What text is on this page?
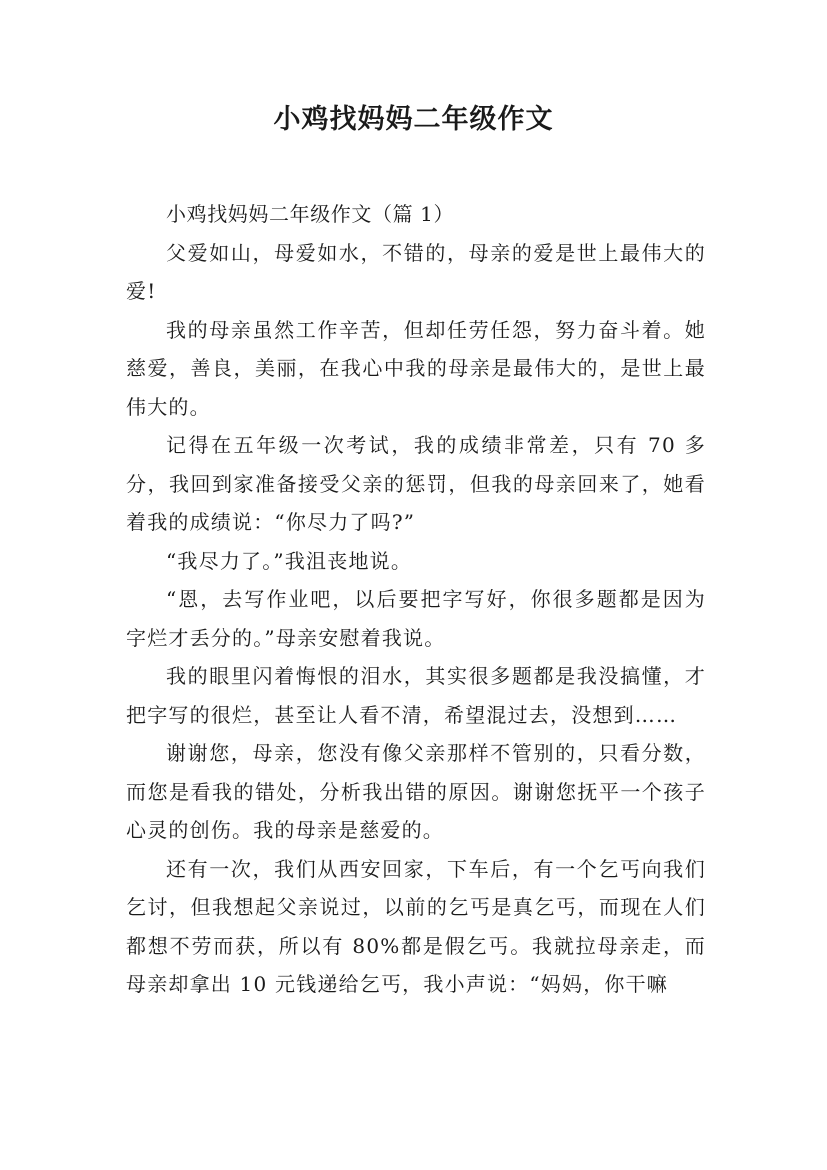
小鸡找妈妈二年级作文

小鸡找妈妈二年级作文（篇 1）

父爱如山，母爱如水，不错的，母亲的爱是世上最伟大的爱!

我的母亲虽然工作辛苦，但却任劳任怨，努力奋斗着。她慈爱，善良，美丽，在我心中我的母亲是最伟大的，是世上最伟大的。

记得在五年级一次考试，我的成绩非常差，只有 70 多分，我回到家准备接受父亲的惩罚，但我的母亲回来了，她看着我的成绩说：“你尽力了吗?”

“我尽力了。”我沮丧地说。

“恩，去写作业吧，以后要把字写好，你很多题都是因为字烂才丢分的。”母亲安慰着我说。

我的眼里闪着悔恨的泪水，其实很多题都是我没搞懂，才把字写的很烂，甚至让人看不清，希望混过去，没想到……

谢谢您，母亲，您没有像父亲那样不管别的，只看分数，而您是看我的错处，分析我出错的原因。谢谢您抚平一个孩子心灵的创伤。我的母亲是慈爱的。

还有一次，我们从西安回家，下车后，有一个乞丐向我们乞讨，但我想起父亲说过，以前的乞丐是真乞丐，而现在人们都想不劳而获，所以有 80%都是假乞丐。我就拉母亲走，而母亲却拿出 10 元钱递给乞丐，我小声说：“妈妈，你干嘛
